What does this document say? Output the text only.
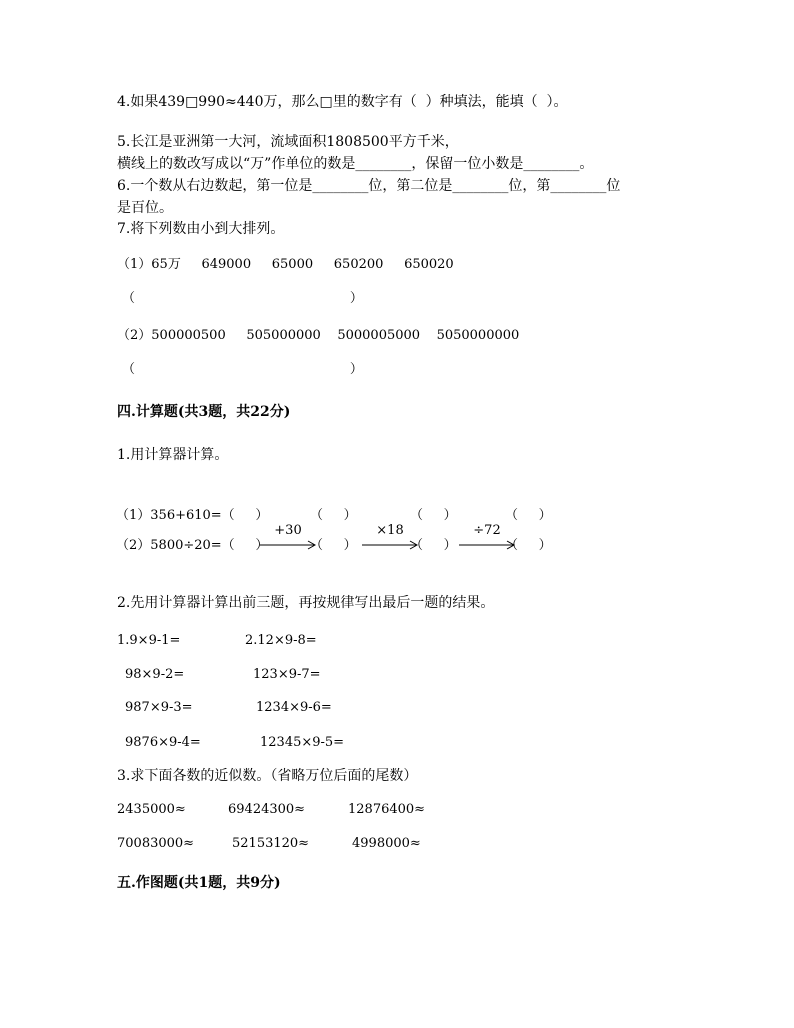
4.如果439□990≈440万，那么□里的数字有（  ）种填法，能填（  ）。
5.长江是亚洲第一大河，流域面积1808500平方千米，
横线上的数改写成以“万”作单位的数是________，保留一位小数是________。
6.一个数从右边数起，第一位是________位，第二位是________位，第________位
是百位。
7.将下列数由小到大排列。
（1）65万     649000     65000     650200     650020
（                                                    ）
（2）500000500     505000000    5000005000    5050000000
（                                                    ）
四.计算题(共3题，共22分)
1.用计算器计算。
（1）356+610=（     ）	（     ）	（     ）	（     ）
（2）5800÷20=（     ）	（     ）	（     ）	（     ）
+30	×18	÷72
2.先用计算器计算出前三题，再按规律写出最后一题的结果。
1.9×9-1=	2.12×9-8=
98×9-2=	123×9-7=
987×9-3=	1234×9-6=
9876×9-4=	12345×9-5=
3.求下面各数的近似数。（省略万位后面的尾数）
2435000≈	69424300≈	12876400≈
70083000≈	52153120≈	4998000≈
五.作图题(共1题，共9分)
